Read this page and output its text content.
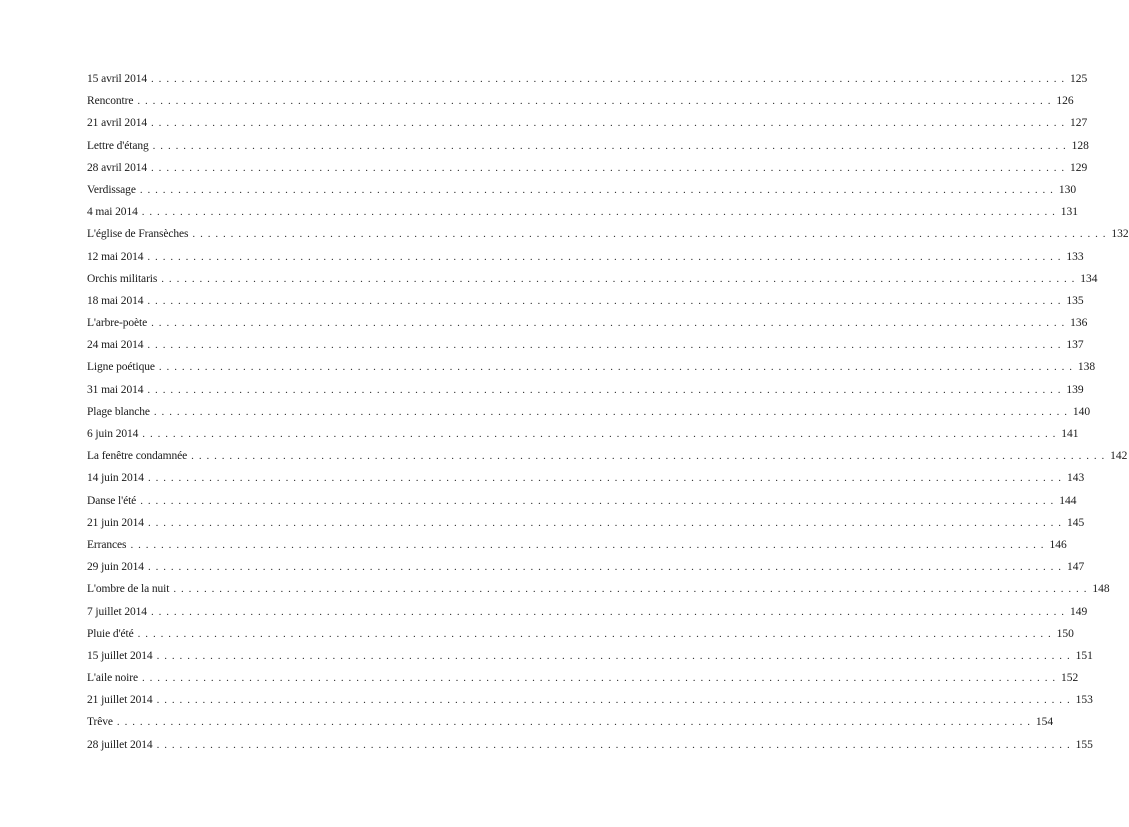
15 avril 2014 ........................................................................................................................ 125
Rencontre ........................................................................................................................ 126
21 avril 2014 ........................................................................................................................ 127
Lettre d'étang ........................................................................................................................ 128
28 avril 2014 ........................................................................................................................ 129
Verdissage ........................................................................................................................ 130
4 mai 2014 ........................................................................................................................ 131
L'église de Fransèches ........................................................................................................................ 132
12 mai 2014 ........................................................................................................................ 133
Orchis militaris ........................................................................................................................ 134
18 mai 2014 ........................................................................................................................ 135
L'arbre-poète ........................................................................................................................ 136
24 mai 2014 ........................................................................................................................ 137
Ligne poétique ........................................................................................................................ 138
31 mai 2014 ........................................................................................................................ 139
Plage blanche ........................................................................................................................ 140
6 juin 2014 ........................................................................................................................ 141
La fenêtre condamnée ........................................................................................................................ 142
14 juin 2014 ........................................................................................................................ 143
Danse l'été ........................................................................................................................ 144
21 juin 2014 ........................................................................................................................ 145
Errances ........................................................................................................................ 146
29 juin 2014 ........................................................................................................................ 147
L'ombre de la nuit ........................................................................................................................ 148
7 juillet 2014 ........................................................................................................................ 149
Pluie d'été ........................................................................................................................ 150
15 juillet 2014 ........................................................................................................................ 151
L'aile noire ........................................................................................................................ 152
21 juillet 2014 ........................................................................................................................ 153
Trêve ........................................................................................................................ 154
28 juillet 2014 ........................................................................................................................ 155
